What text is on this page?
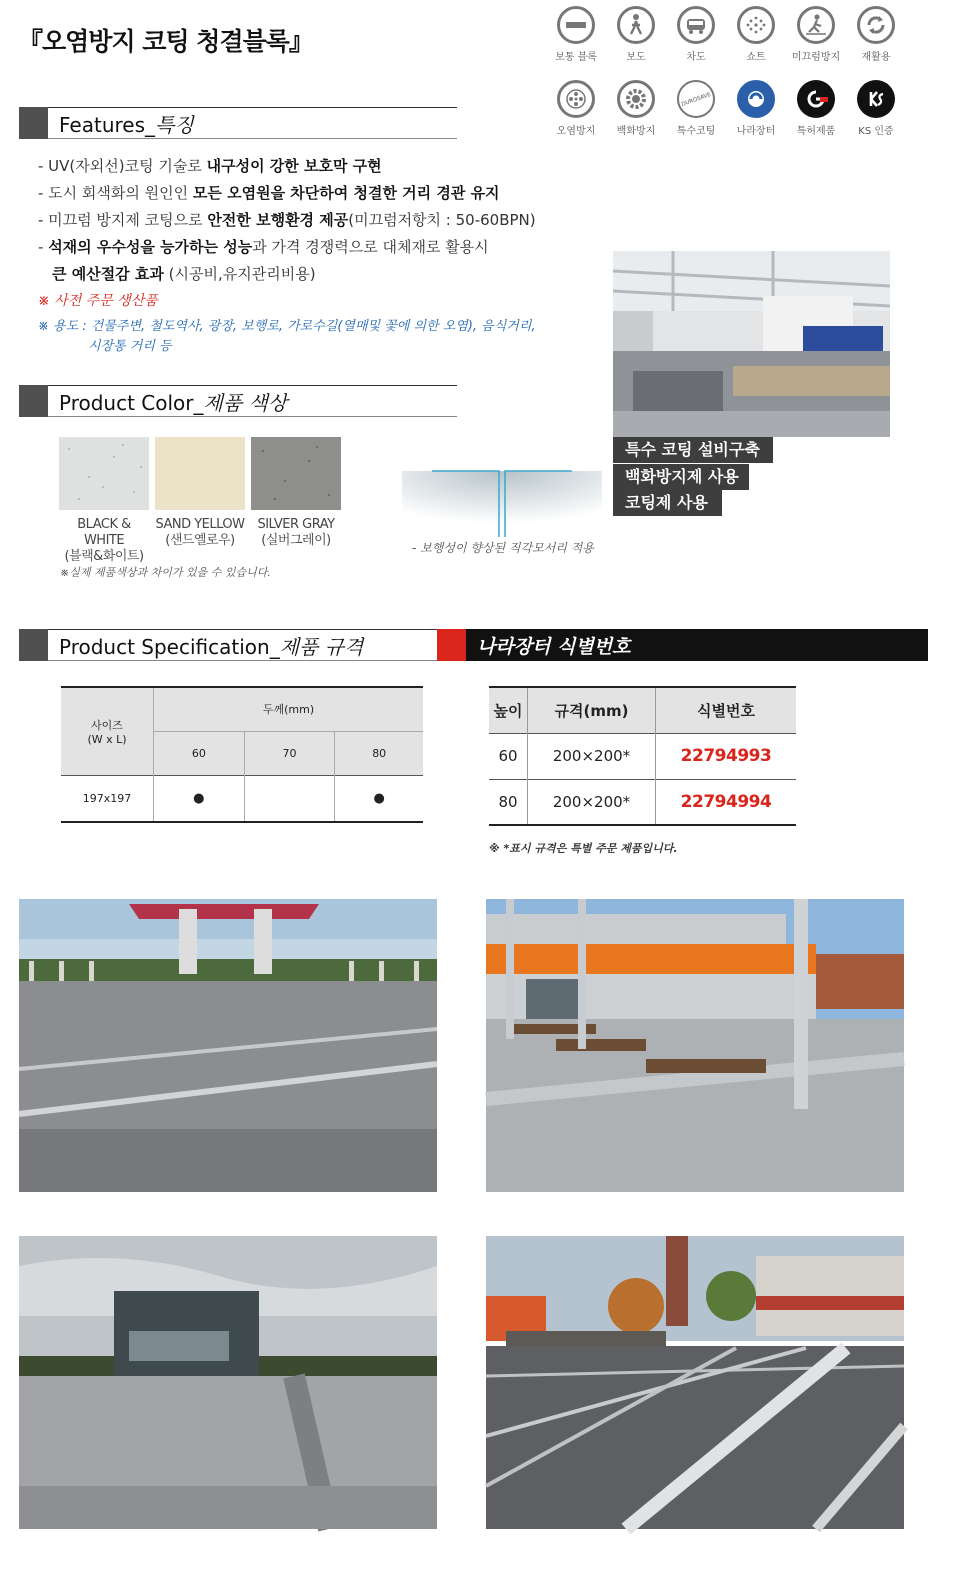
『오염방지 코팅 청결블록』
보통 블록	보도	차도	쇼트	미끄럼방지	재활용
오염방지	백화방지
DUROSAVE
특수코팅	나라장터	특허제품	KS 인증
Features_특징
- UV(자외선)코팅 기술로 내구성이 강한 보호막 구현
- 도시 회색화의 원인인 모든 오염원을 차단하여 청결한 거리 경관 유지
- 미끄럼 방지제 코팅으로 안전한 보행환경 제공(미끄럼저항치 : 50-60BPN)
- 석재의 우수성을 능가하는 성능과 가격 경쟁력으로 대체재로 활용시
큰 예산절감 효과 (시공비,유지관리비용)
※ 사전 주문 생산품
※ 용도 : 건물주변, 철도역사, 광장, 보행로, 가로수길(열매및 꽃에 의한 오염), 음식거리,
시장통 거리 등
특수 코팅 설비구축
백화방지제 사용
코팅제 사용
Product Color_제품 색상
BLACK & WHITE
(블랙&화이트)
SAND YELLOW
(샌드옐로우)
SILVER GRAY
(실버그레이)
※실제 제품색상과 차이가 있을 수 있습니다.
- 보행성이 향상된 직각모서리 적용
Product Specification_제품 규격	나라장터 식별번호
사이즈
(W x L)	두께(mm)		
	60	70	80
197x197	●		●
높이	규격(mm)	식별번호
60	200×200*	22794993
80	200×200*	22794994
※ *표시 규격은 특별 주문 제품입니다.
